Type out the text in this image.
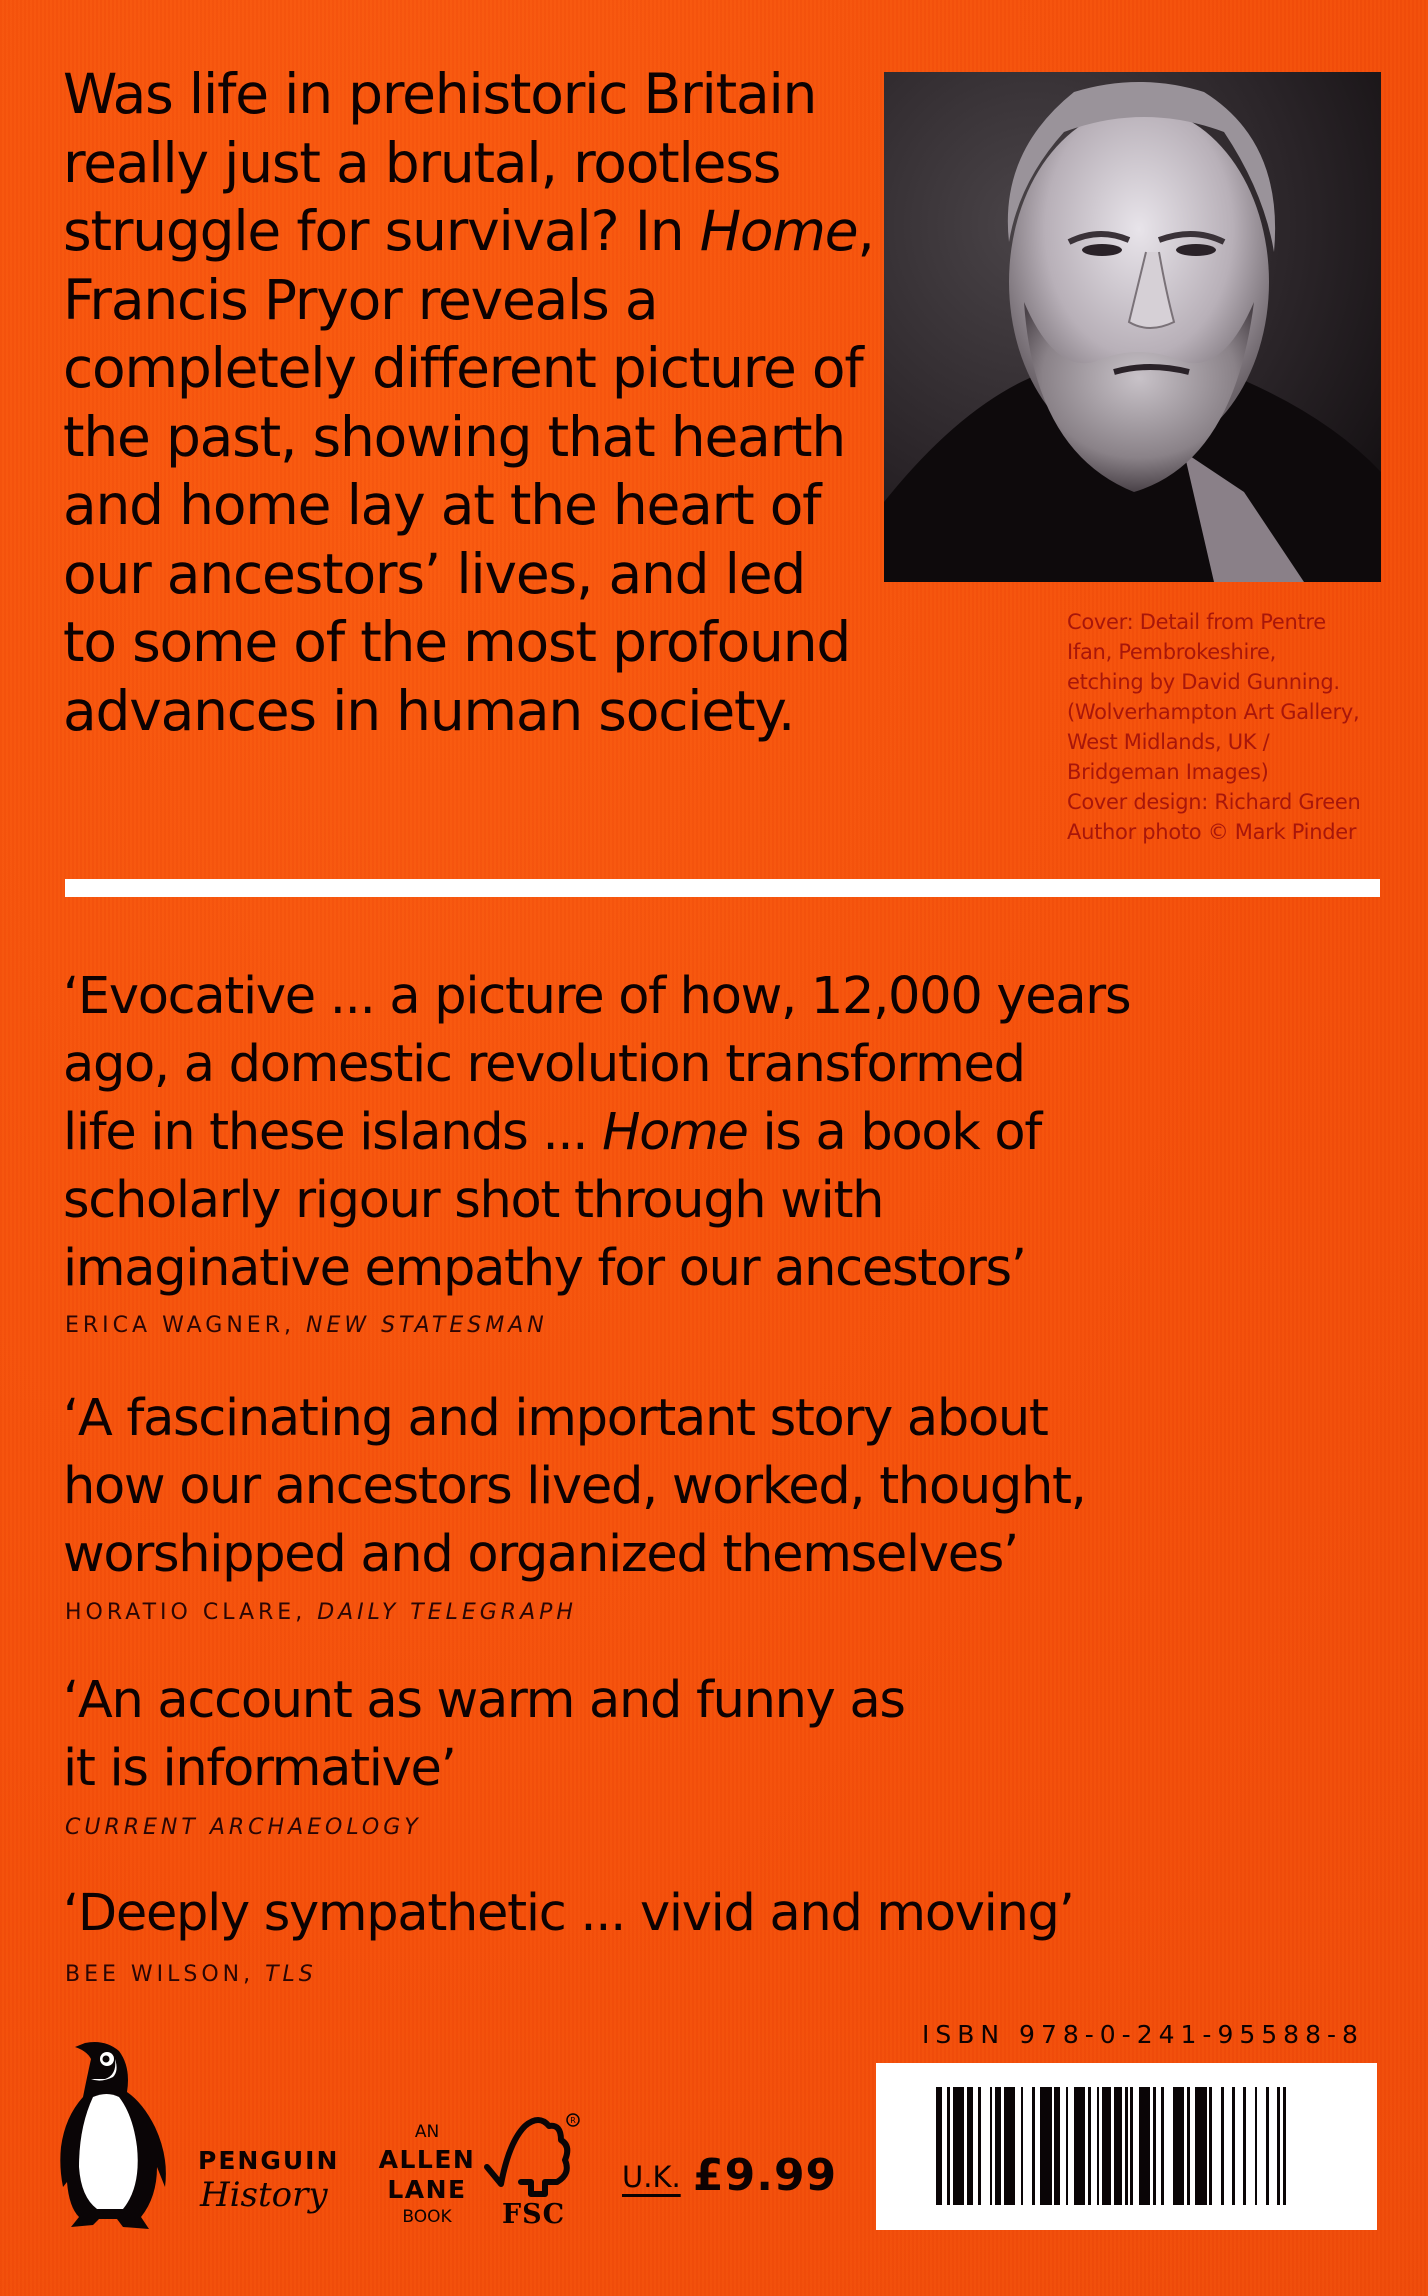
Was life in prehistoric Britain
really just a brutal, rootless
struggle for survival? In Home,
Francis Pryor reveals a
completely different picture of
the past, showing that hearth
and home lay at the heart of
our ancestors’ lives, and led
to some of the most profound
advances in human society.
Cover: Detail from Pentre
Ifan, Pembrokeshire,
etching by David Gunning.
(Wolverhampton Art Gallery,
West Midlands, UK /
Bridgeman Images)
Cover design: Richard Green
Author photo © Mark Pinder
‘Evocative ... a picture of how, 12,000 years
ago, a domestic revolution transformed
life in these islands ... Home is a book of
scholarly rigour shot through with
imaginative empathy for our ancestors’
ERICA WAGNER, NEW STATESMAN
‘A fascinating and important story about
how our ancestors lived, worked, thought,
worshipped and organized themselves’
HORATIO CLARE, DAILY TELEGRAPH
‘An account as warm and funny as
it is informative’
CURRENT ARCHAEOLOGY
‘Deeply sympathetic ... vivid and moving’
BEE WILSON, TLS
PENGUIN
History
AN
ALLEN
LANE
BOOK
R
FSC
U.K. £9.99
ISBN 978-0-241-95588-8
